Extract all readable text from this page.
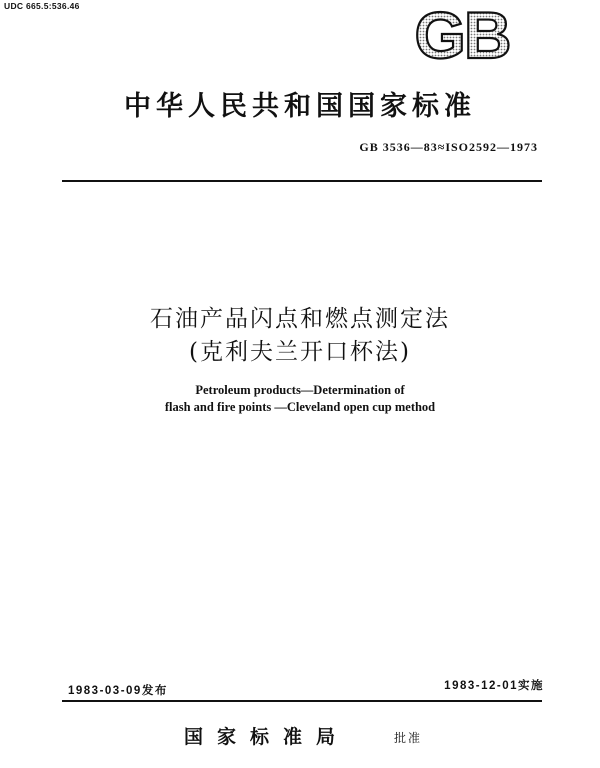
UDC 665.5:536.46	GB
中华人民共和国国家标准
GB 3536—83≈ISO2592—1973
石油产品闪点和燃点测定法
(克利夫兰开口杯法)
Petroleum products—Determination of
flash and fire points —Cleveland open cup method
1983-03-09发布	1983-12-01实施
国家标准局	批准
